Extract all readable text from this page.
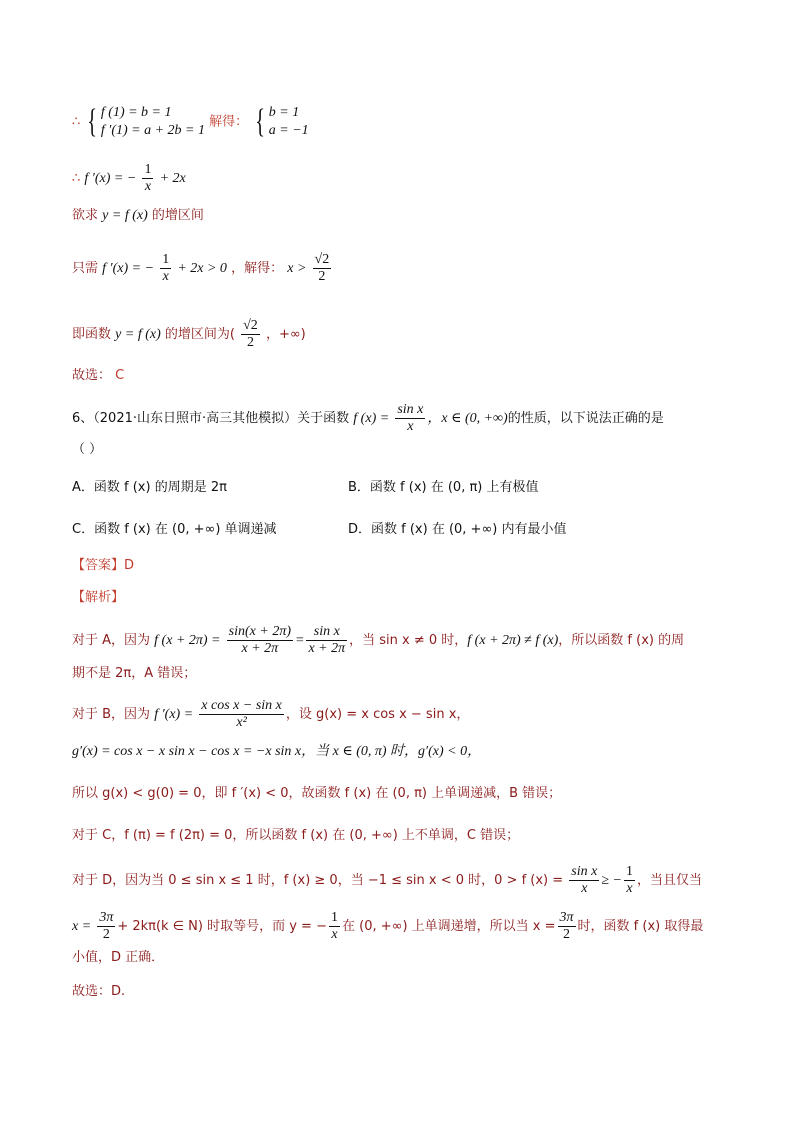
∴ { f (1) = b = 1
f ′(1) = a + 2b = 1
解得： { b = 1
a = −1
∴ f ′(x) = − $\frac{1}{x} + 2x$
欲求 y = f (x) 的增区间
只需 f ′(x) = − $\frac{1}{x} + 2x > 0$ ，解得： $x > \frac{√2}{2}$
即函数 y = f (x) 的增区间为( $\frac{√2}{2}$ ，+∞)
故选： C
6、（2021·山东日照市·高三其他模拟）关于函数 f $(x) = \frac{\text{sin x}}{x}$ ，x ∈ (0, +∞)的性质，以下说法正确的是
（ ）
A．函数 f (x) 的周期是 2π	B．函数 f (x) 在 (0, π) 上有极值
C．函数 f (x) 在 (0, +∞) 单调递减	D．函数 f (x) 在 (0, +∞) 内有最小值
【答案】D
【解析】
对于 A，因为 f $(x + 2\pi) = \frac{\sin(x + 2\pi)}{x + 2\pi} = \frac{\text{sin x}}{x + 2\pi}$ ，当 sin x ≠ 0 时，f (x + 2π) ≠ f (x)，所以函数 f (x) 的周
期不是 2π，A 错误；
对于 B，因为 f $'(x) = \frac{\text{x cos x − sin x}}{\text{x²}}$ ，设 g(x) = x cos x − sin x，
g′(x) = cos x − x sin x − cos x = −x sin x，当 x ∈ (0, π) 时，g′(x) < 0，
所以 g(x) < g(0) = 0，即 f ′(x) < 0，故函数 f (x) 在 (0, π) 上单调递减，B 错误；
对于 C，f (π) = f (2π) = 0，所以函数 f (x) 在 (0, +∞) 上不单调，C 错误；
对于 D，因为当 0 ≤ sin x ≤ 1 时，f (x) ≥ 0，当 −1 ≤ sin x < 0 时，0 > f $(x) = \frac{\text{sin x}}{x}$ ≥ − $\frac{1}{x}$ ，当且仅当
$x = \frac{3\pi}{2} + 2k\pi(k$ ∈ N) 时取等号，而 y = − $\frac{1}{x}$ 在 (0, +∞) 上单调递增，所以当 $x = \frac{3\pi}{2}$ 时，函数 f (x) 取得最
小值，D 正确．
故选：D.
